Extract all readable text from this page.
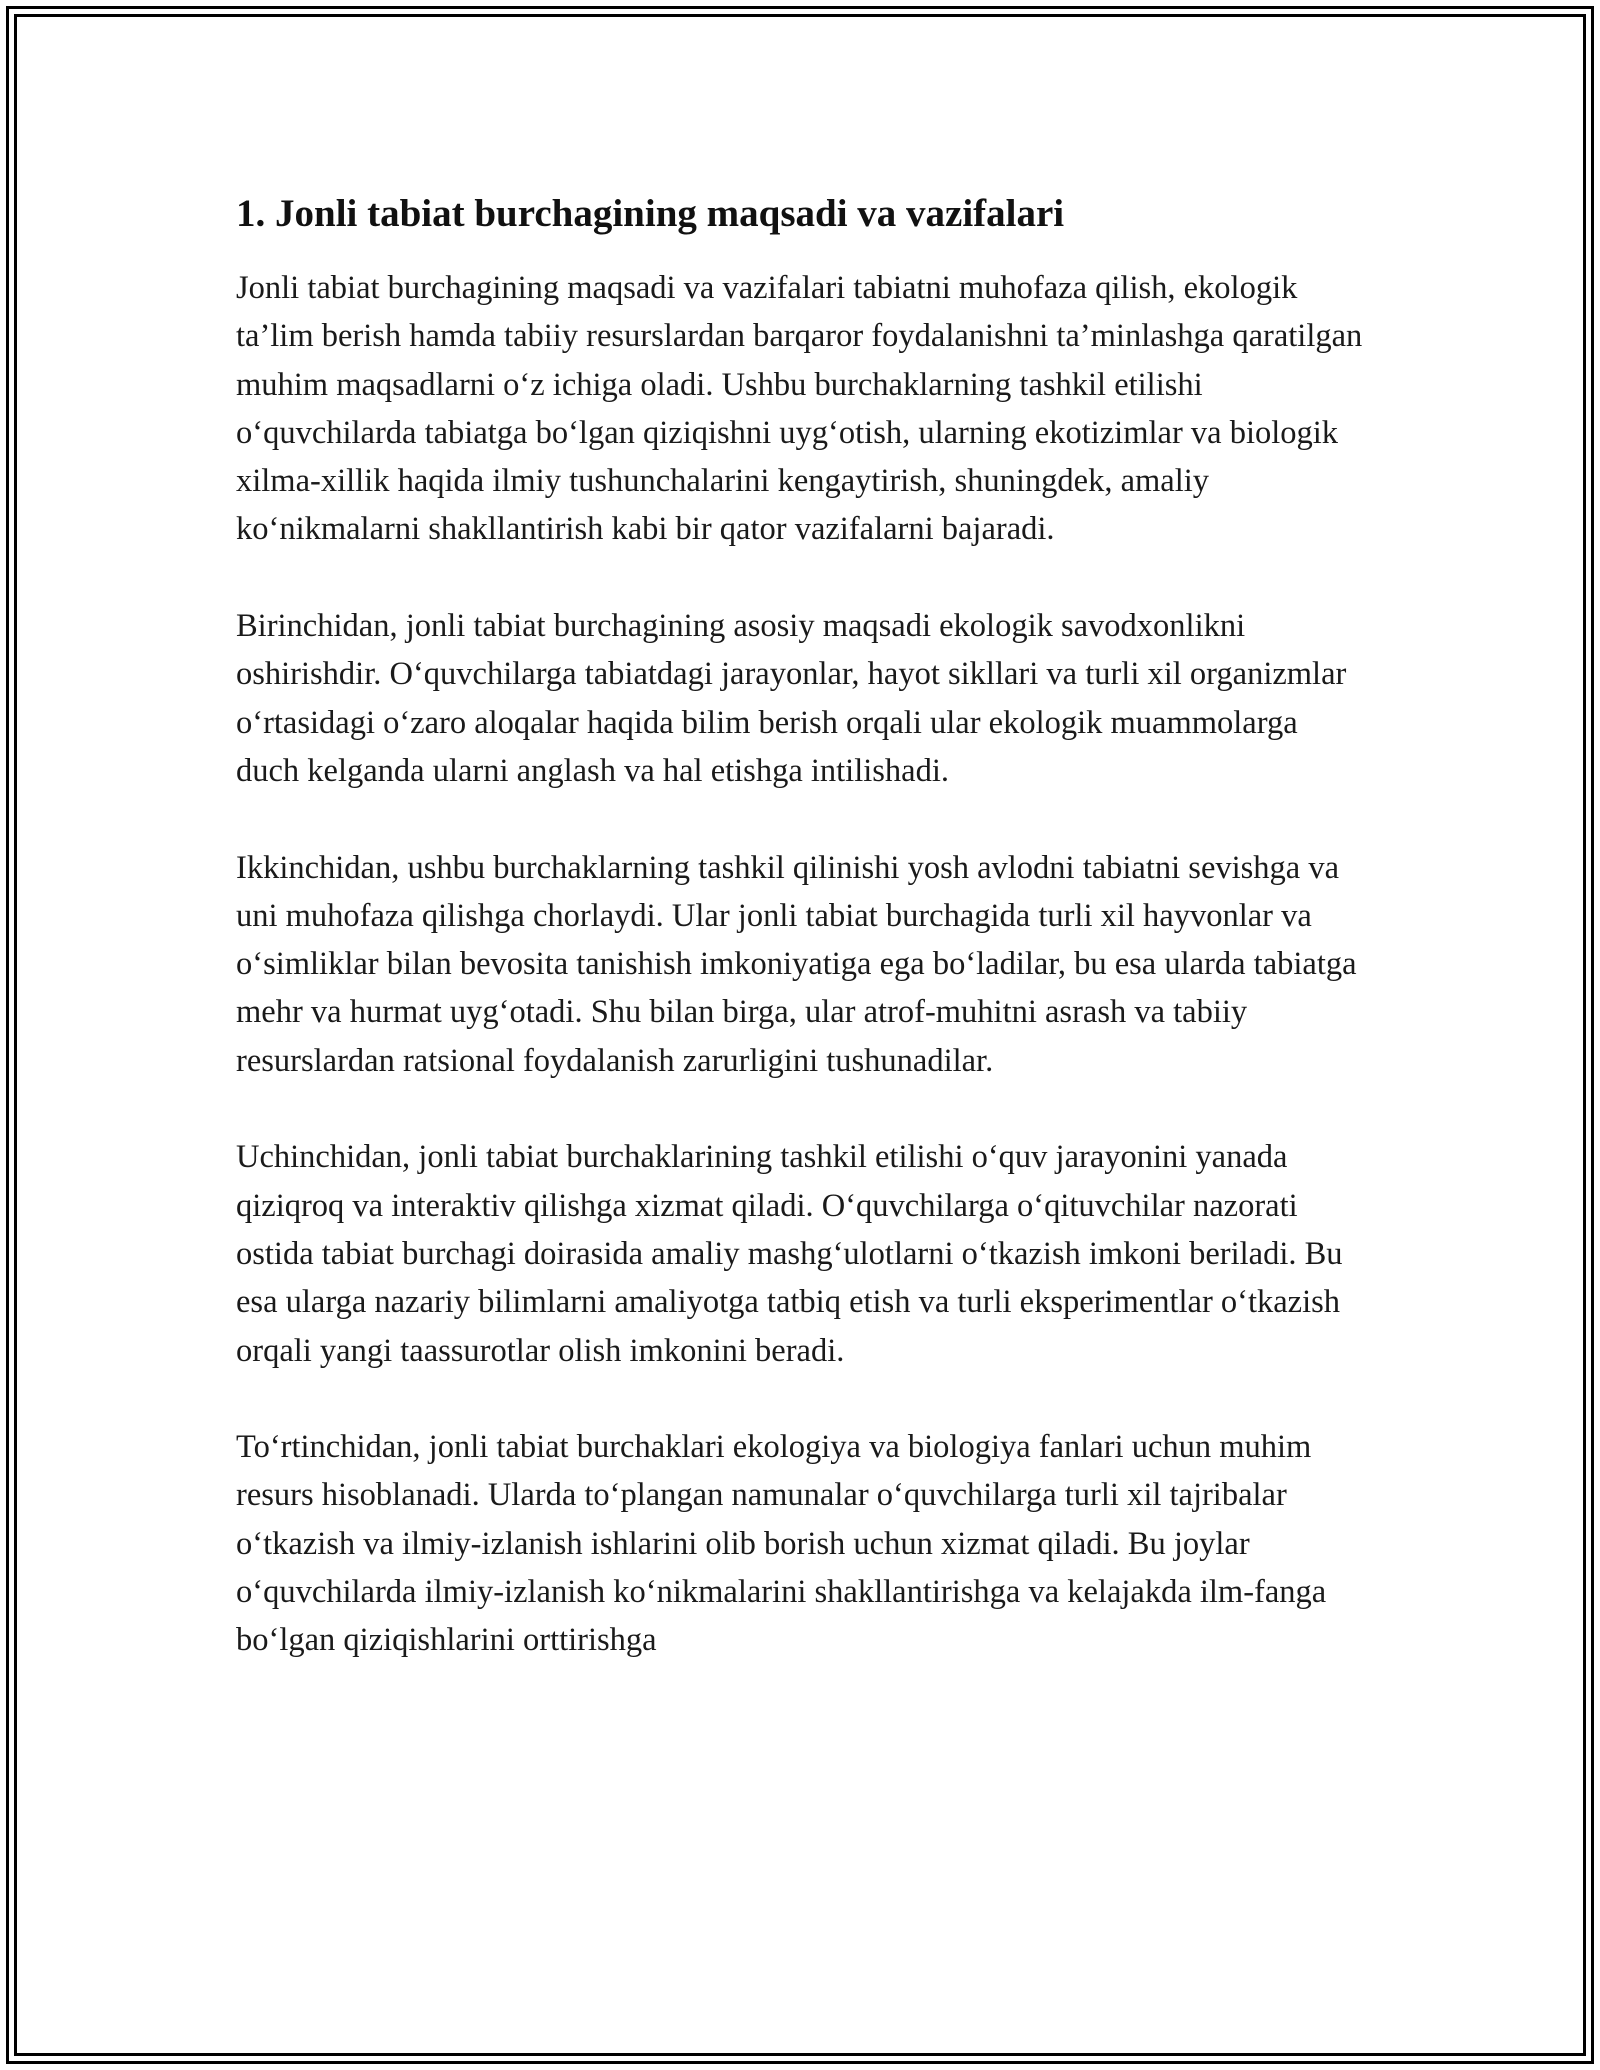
1. Jonli tabiat burchagining maqsadi va vazifalari

Jonli tabiat burchagining maqsadi va vazifalari tabiatni muhofaza qilish, ekologik ta’lim berish hamda tabiiy resurslardan barqaror foydalanishni ta’minlashga qaratilgan muhim maqsadlarni o‘z ichiga oladi. Ushbu burchaklarning tashkil etilishi o‘quvchilarda tabiatga bo‘lgan qiziqishni uyg‘otish, ularning ekotizimlar va biologik xilma-xillik haqida ilmiy tushunchalarini kengaytirish, shuningdek, amaliy ko‘nikmalarni shakllantirish kabi bir qator vazifalarni bajaradi.

Birinchidan, jonli tabiat burchagining asosiy maqsadi ekologik savodxonlikni oshirishdir. O‘quvchilarga tabiatdagi jarayonlar, hayot sikllari va turli xil organizmlar o‘rtasidagi o‘zaro aloqalar haqida bilim berish orqali ular ekologik muammolarga duch kelganda ularni anglash va hal etishga intilishadi.

Ikkinchidan, ushbu burchaklarning tashkil qilinishi yosh avlodni tabiatni sevishga va uni muhofaza qilishga chorlaydi. Ular jonli tabiat burchagida turli xil hayvonlar va o‘simliklar bilan bevosita tanishish imkoniyatiga ega bo‘ladilar, bu esa ularda tabiatga mehr va hurmat uyg‘otadi. Shu bilan birga, ular atrof-muhitni asrash va tabiiy resurslardan ratsional foydalanish zarurligini tushunadilar.

Uchinchidan, jonli tabiat burchaklarining tashkil etilishi o‘quv jarayonini yanada qiziqroq va interaktiv qilishga xizmat qiladi. O‘quvchilarga o‘qituvchilar nazorati ostida tabiat burchagi doirasida amaliy mashg‘ulotlarni o‘tkazish imkoni beriladi. Bu esa ularga nazariy bilimlarni amaliyotga tatbiq etish va turli eksperimentlar o‘tkazish orqali yangi taassurotlar olish imkonini beradi.

To‘rtinchidan, jonli tabiat burchaklari ekologiya va biologiya fanlari uchun muhim resurs hisoblanadi. Ularda to‘plangan namunalar o‘quvchilarga turli xil tajribalar o‘tkazish va ilmiy-izlanish ishlarini olib borish uchun xizmat qiladi. Bu joylar o‘quvchilarda ilmiy-izlanish ko‘nikmalarini shakllantirishga va kelajakda ilm-fanga bo‘lgan qiziqishlarini orttirishga
